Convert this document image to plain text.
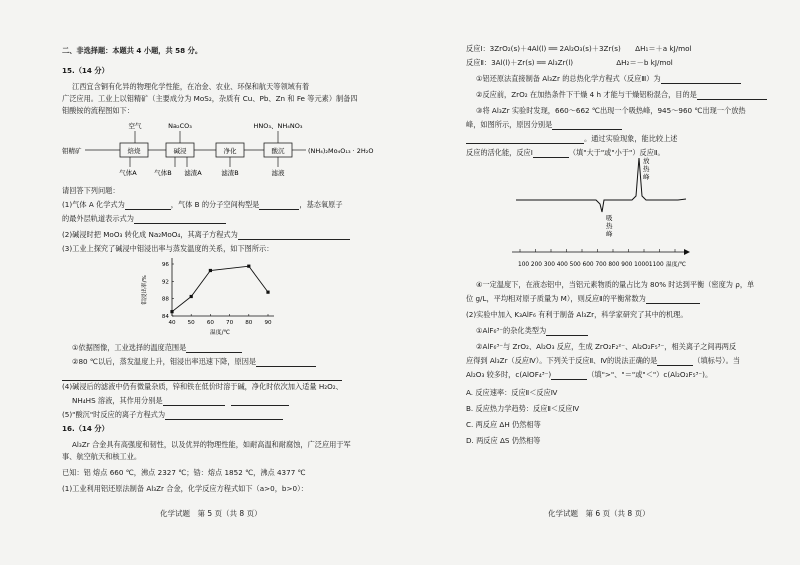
二、非选择题：本题共 4 小题，共 58 分。
15.（14 分）
江西宜含铜有化异的物理化学性能，在冶金、农业、环保和航天等领域有着
广泛应用。工业上以钼精矿（主要成分为 MoS₂，杂质有 Cu、Pb、Zn 和 Fe 等元素）制备四
钼酸铵的流程图如下：
空气	Na₂CO₃	HNO₃、NH₄NO₃
钼精矿	焙烧	碱浸	净化	酸沉	(NH₄)₂Mo₄O₁₃ · 2H₂O
气体A	气体B 滤渣A	滤渣B	滤液
请回答下列问题：
(1)气体 A 化学式为	，气体 B 的分子空间构型是	，基态氧原子
的最外层轨道表示式为
(2)碱浸时把 MoO₃ 转化成 Na₂MoO₄，其离子方程式为
(3)工业上探究了碱浸中钼浸出率与蒸发温度的关系，如下图所示：
钼浸出率/%
温度/℃
40 50 60 70 80 90
84
88
92
96
①依据图像，工业选择的温度范围是
②80 ℃以后，蒸发温度上升，钼浸出率迅速下降，原因是
(4)碱浸后的滤液中仍有微量杂质，锌和铁在低价时溶于碱，净化时依次加入适量 H₂O₂、
NH₄HS 溶液，其作用分别是
(5)"酸沉"时反应的离子方程式为
16.（14 分）
Al₃Zr 合金具有高强度和韧性，以及优异的物理性能，如耐高温和耐腐蚀，广泛应用于军
事、航空航天和核工业。
已知：铝 熔点 660 ℃，沸点 2327 ℃；锆：熔点 1852 ℃，沸点 4377 ℃
(1)工业利用铝还原法制备 Al₃Zr 合金，化学反应方程式如下（a>0，b>0）：
化学试题　第 5 页（共 8 页）
反应Ⅰ：3ZrO₂(s)＋4Al(l) ══ 2Al₂O₃(s)＋3Zr(s)　　ΔH₁＝＋a kJ/mol
反应Ⅱ：3Al(l)＋Zr(s) ══ Al₃Zr(l)　　　　　　ΔH₂＝－b kJ/mol
①铝还原法直接制备 Al₃Zr 的总热化学方程式（反应Ⅲ）为
②反应前，ZrO₂ 在加热条件下干燥 4 h 才能与干燥铝粉混合，目的是
③将 Al₃Zr 实验时发现，660～662 ℃出现一个吸热峰，945～960 ℃出现一个放热
峰，如图所示，原因分别是
。通过实验现象，能比较上述
反应的活化能，反应Ⅰ	（填"大于"或"小于"）反应Ⅱ。
放
热
峰
吸
热
峰
100 200 300 400 500 600 700 800 900 10001100 温度/℃
④一定温度下，在液态铝中，当铝元素物质的量占比为 80% 时达到平衡（密度为 ρ，单
位 g/L，平均相对原子质量为 M），则反应Ⅱ的平衡常数为
(2)实验中加入 K₃AlF₆ 有利于制备 Al₃Zr，科学家研究了其中的机理。
①AlF₆³⁻的杂化类型为
②AlF₆³⁻与 ZrO₂、Al₂O₃ 反应，生成 ZrO₂F₂²⁻、Al₂O₂F₅³⁻，相关离子之间再两反
应得到 Al₃Zr（反应Ⅳ）。下列关于反应Ⅱ、Ⅳ的说法正确的是	（填标号）。当
Al₂O₃ 较多时，c(AlOF₄³⁻)	（填">"、"＝"或"＜"）c(Al₂O₂F₅³⁻)。
A. 反应速率：反应Ⅱ＜反应Ⅳ
B. 反应热力学趋势：反应Ⅱ＜反应Ⅳ
C. 两反应 ΔH 仍然相等
D. 两反应 ΔS 仍然相等
化学试题　第 6 页（共 8 页）
